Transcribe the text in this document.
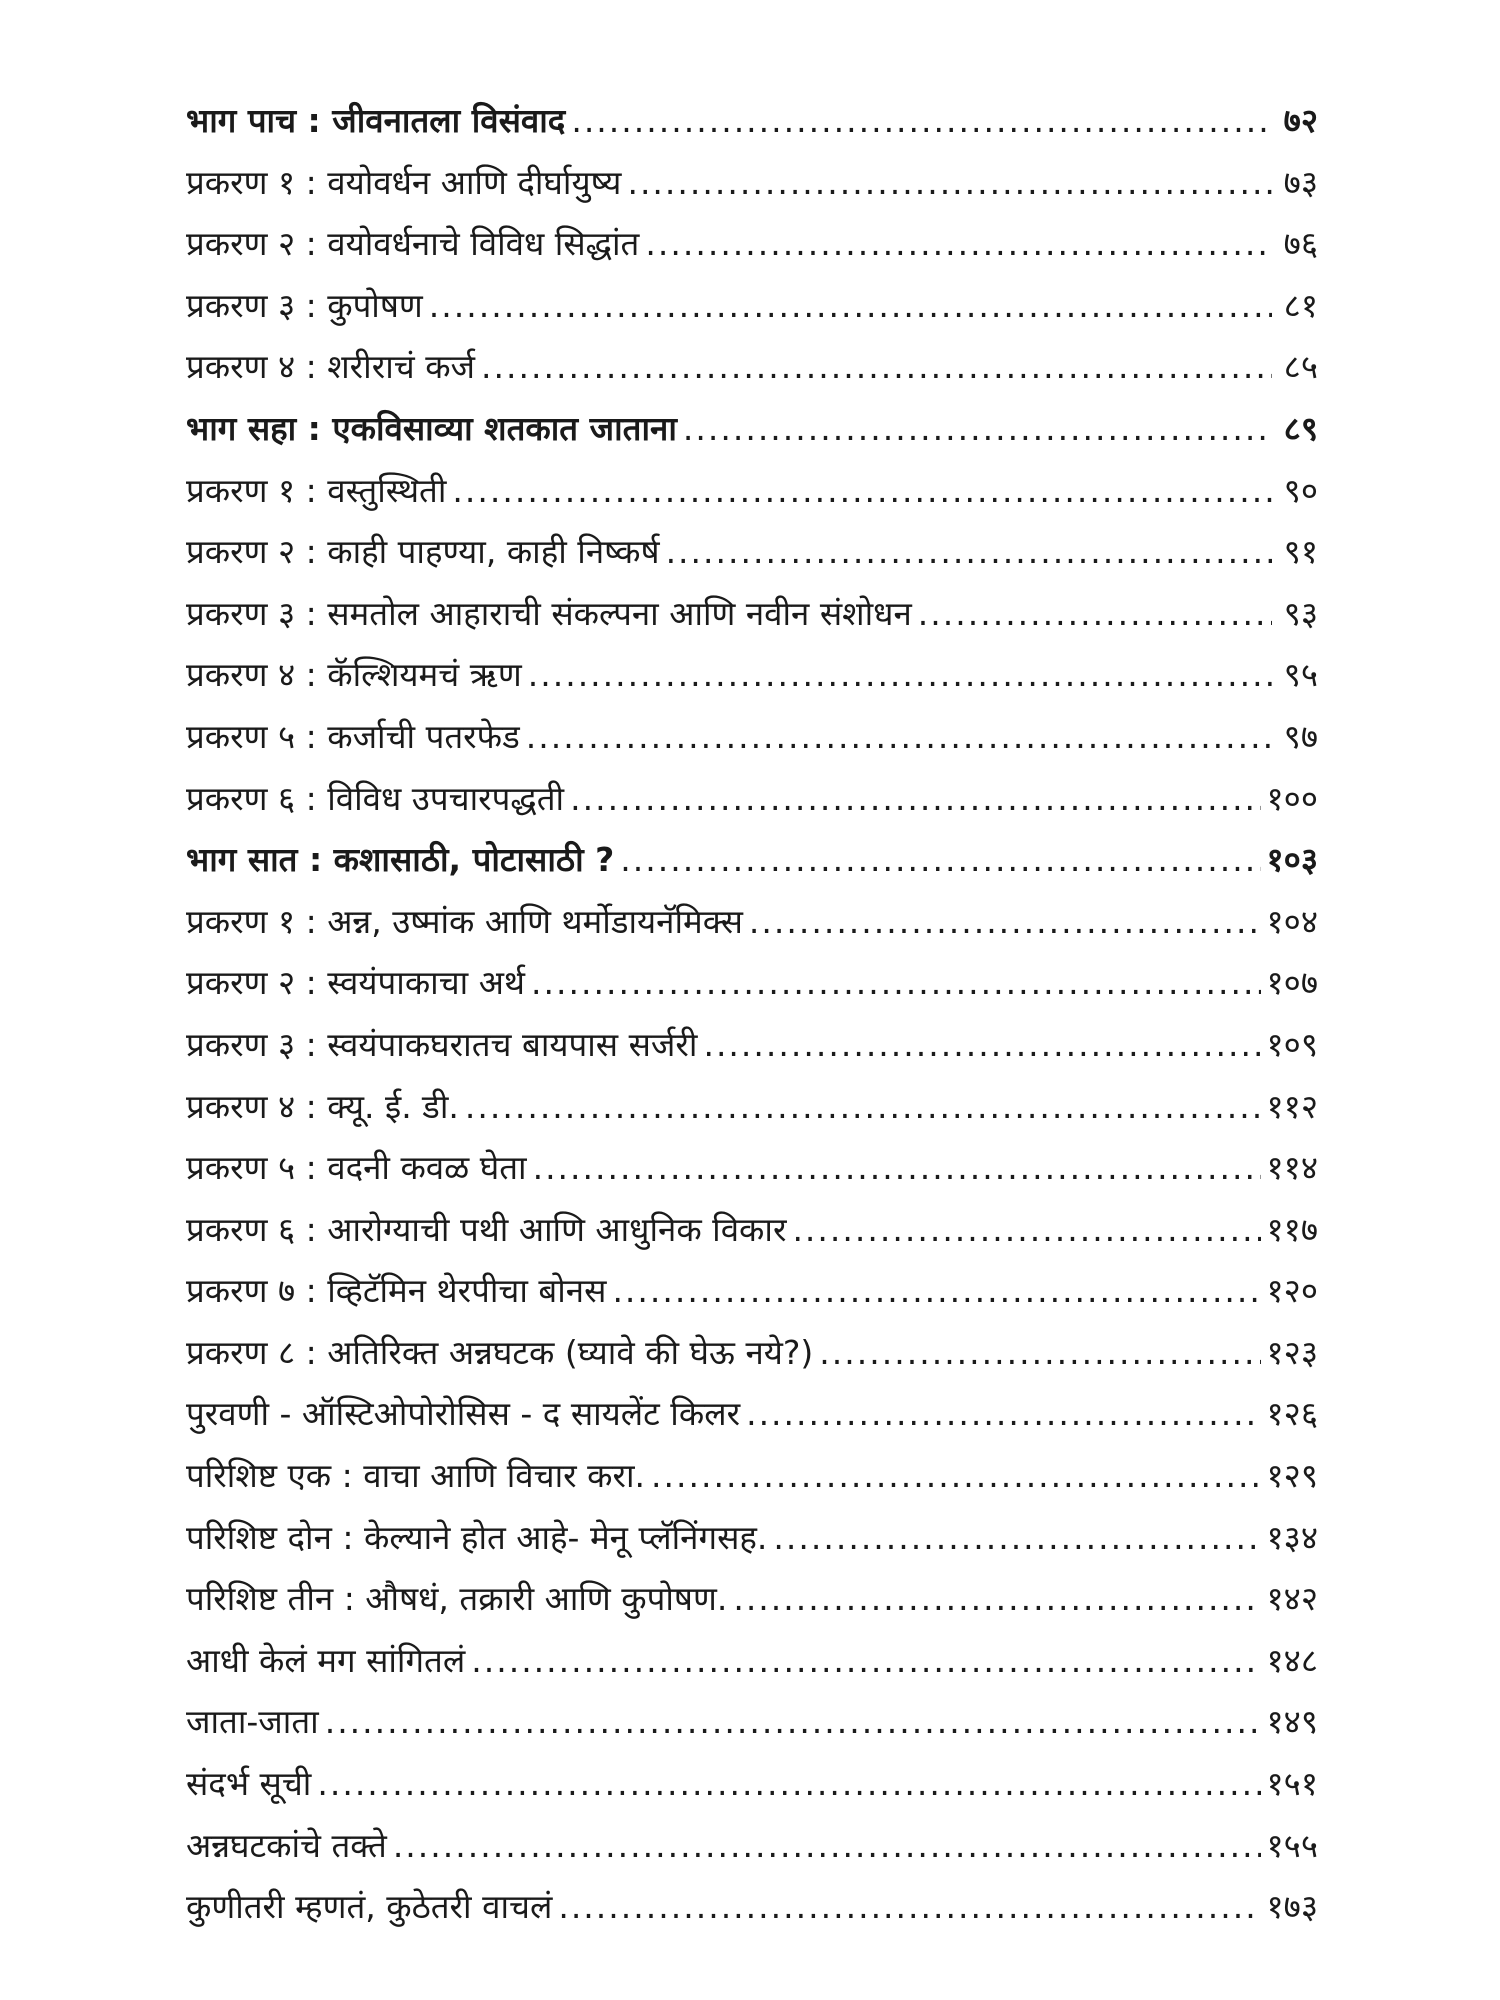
भाग पाच : जीवनातला विसंवाद .....	७२
प्रकरण १ : वयोवर्धन आणि दीर्घायुष्य .....	७३
प्रकरण २ : वयोवर्धनाचे विविध सिद्धांत .....	७६
प्रकरण ३ : कुपोषण .....	८१
प्रकरण ४ : शरीराचं कर्ज .....	८५
भाग सहा : एकविसाव्या शतकात जाताना .....	८९
प्रकरण १ : वस्तुस्थिती .....	९०
प्रकरण २ : काही पाहण्या, काही निष्कर्ष .....	९१
प्रकरण ३ : समतोल आहाराची संकल्पना आणि नवीन संशोधन .....	९३
प्रकरण ४ : कॅल्शियमचं ऋण .....	९५
प्रकरण ५ : कर्जाची पतरफेड .....	९७
प्रकरण ६ : विविध उपचारपद्धती .....	१००
भाग सात : कशासाठी, पोटासाठी ? .....	१०३
प्रकरण १ : अन्न, उष्मांक आणि थर्मोडायनॅमिक्स .....	१०४
प्रकरण २ : स्वयंपाकाचा अर्थ .....	१०७
प्रकरण ३ : स्वयंपाकघरातच बायपास सर्जरी .....	१०९
प्रकरण ४ : क्यू. ई. डी. .....	११२
प्रकरण ५ : वदनी कवळ घेता .....	११४
प्रकरण ६ : आरोग्याची पथी आणि आधुनिक विकार .....	११७
प्रकरण ७ : व्हिटॅमिन थेरपीचा बोनस .....	१२०
प्रकरण ८ : अतिरिक्त अन्नघटक (घ्यावे की घेऊ नये?) .....	१२३
पुरवणी - ऑस्टिओपोरोसिस - द सायलेंट किलर .....	१२६
परिशिष्ट एक : वाचा आणि विचार करा. .....	१२९
परिशिष्ट दोन : केल्याने होत आहे- मेनू प्लॅनिंगसह. .....	१३४
परिशिष्ट तीन : औषधं, तक्रारी आणि कुपोषण. .....	१४२
आधी केलं मग सांगितलं .....	१४८
जाता-जाता .....	१४९
संदर्भ सूची .....	१५१
अन्नघटकांचे तक्ते .....	१५५
कुणीतरी म्हणतं, कुठेतरी वाचलं .....	१७३
